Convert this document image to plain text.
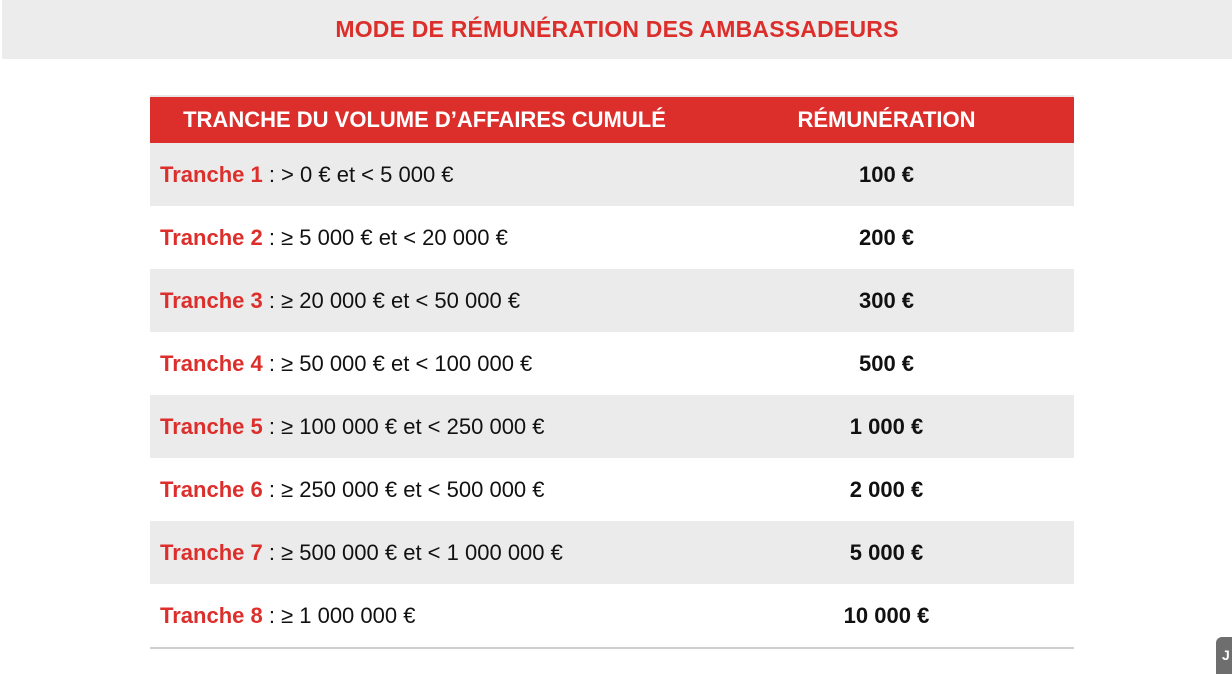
MODE DE RÉMUNÉRATION DES AMBASSADEURS
TRANCHE DU VOLUME D’AFFAIRES CUMULÉ	RÉMUNÉRATION
Tranche 1 : > 0 € et < 5 000 €	100 €
Tranche 2 : ≥ 5 000 € et < 20 000 €	200 €
Tranche 3 : ≥ 20 000 € et < 50 000 €	300 €
Tranche 4 : ≥ 50 000 € et < 100 000 €	500 €
Tranche 5 : ≥ 100 000 € et < 250 000 €	1 000 €
Tranche 6 : ≥ 250 000 € et < 500 000 €	2 000 €
Tranche 7 : ≥ 500 000 € et < 1 000 000 €	5 000 €
Tranche 8 : ≥ 1 000 000 €	10 000 €
J
